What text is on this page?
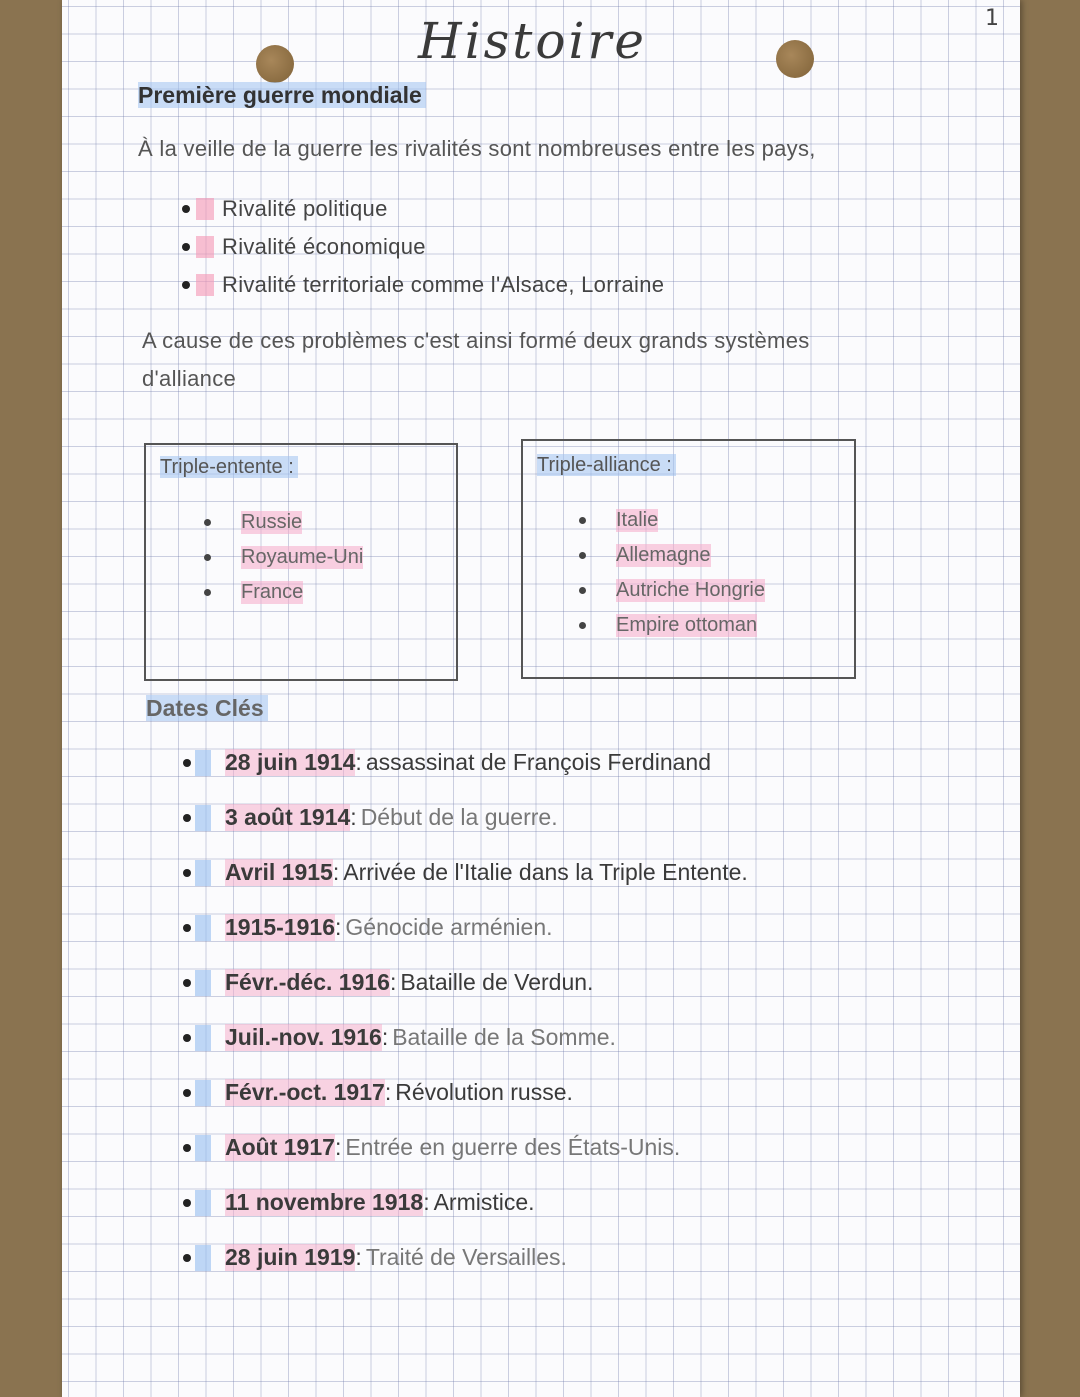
1
Histoire
Première guerre mondiale
À la veille de la guerre les rivalités sont nombreuses entre les pays,
Rivalité politique
Rivalité économique
Rivalité territoriale comme l'Alsace, Lorraine
A cause de ces problèmes c'est ainsi formé deux grands systèmes
d'alliance
Triple-entente :
Russie
Royaume-Uni
France
Triple-alliance :
Italie
Allemagne
Autriche Hongrie
Empire ottoman
Dates Clés
28 juin 1914 : assassinat de François Ferdinand
3 août 1914 : Début de la guerre.
Avril 1915 : Arrivée de l'Italie dans la Triple Entente.
1915-1916 : Génocide arménien.
Févr.-déc. 1916 : Bataille de Verdun.
Juil.-nov. 1916 : Bataille de la Somme.
Févr.-oct. 1917 : Révolution russe.
Août 1917 : Entrée en guerre des États-Unis.
11 novembre 1918 : Armistice.
28 juin 1919 : Traité de Versailles.
